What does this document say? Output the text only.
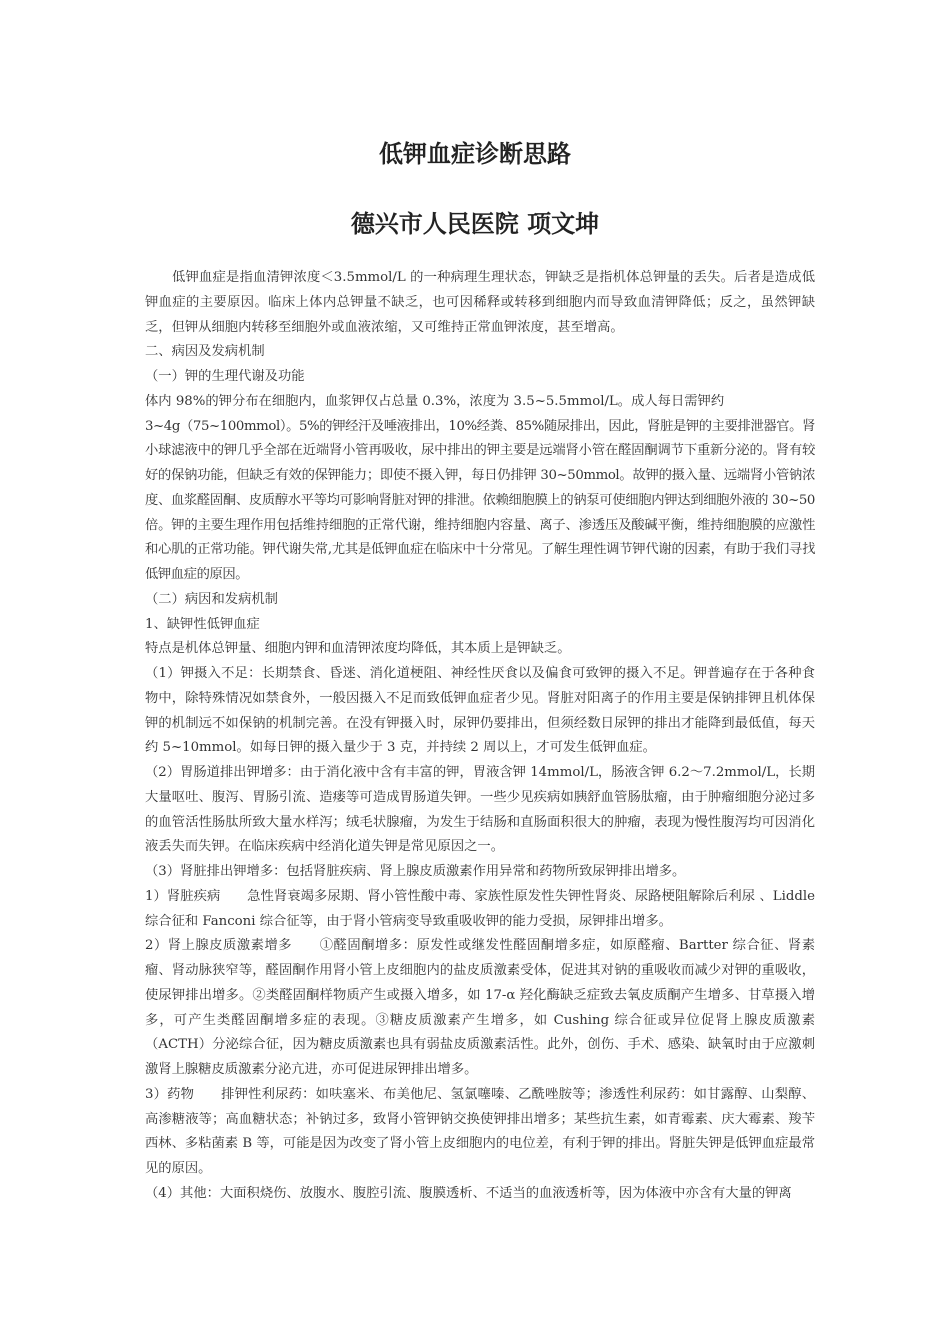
低钾血症诊断思路
德兴市人民医院 项文坤

低钾血症是指血清钾浓度＜3.5mmol/L 的一种病理生理状态，钾缺乏是指机体总钾量的丢失。后者是造成低钾血症的主要原因。临床上体内总钾量不缺乏，也可因稀释或转移到细胞内而导致血清钾降低；反之，虽然钾缺乏，但钾从细胞内转移至细胞外或血液浓缩，又可维持正常血钾浓度，甚至增高。

二、病因及发病机制

（一）钾的生理代谢及功能

体内 98%的钾分布在细胞内，血浆钾仅占总量 0.3%，浓度为 3.5~5.5mmol/L。成人每日需钾约

3~4g（75~100mmol）。5%的钾经汗及唾液排出，10%经粪、85%随尿排出，因此，肾脏是钾的主要排泄器官。肾小球滤液中的钾几乎全部在近端肾小管再吸收，尿中排出的钾主要是远端肾小管在醛固酮调节下重新分泌的。肾有较好的保钠功能，但缺乏有效的保钾能力；即使不摄入钾，每日仍排钾 30~50mmol。故钾的摄入量、远端肾小管钠浓度、血浆醛固酮、皮质醇水平等均可影响肾脏对钾的排泄。依赖细胞膜上的钠泵可使细胞内钾达到细胞外液的 30~50 倍。钾的主要生理作用包括维持细胞的正常代谢，维持细胞内容量、离子、渗透压及酸碱平衡，维持细胞膜的应激性和心肌的正常功能。钾代谢失常,尤其是低钾血症在临床中十分常见。了解生理性调节钾代谢的因素，有助于我们寻找低钾血症的原因。

（二）病因和发病机制

1、缺钾性低钾血症

特点是机体总钾量、细胞内钾和血清钾浓度均降低，其本质上是钾缺乏。

（1）钾摄入不足：长期禁食、昏迷、消化道梗阻、神经性厌食以及偏食可致钾的摄入不足。钾普遍存在于各种食物中，除特殊情况如禁食外，一般因摄入不足而致低钾血症者少见。肾脏对阳离子的作用主要是保钠排钾且机体保钾的机制远不如保钠的机制完善。在没有钾摄入时，尿钾仍要排出，但须经数日尿钾的排出才能降到最低值，每天约 5~10mmol。如每日钾的摄入量少于 3 克，并持续 2 周以上，才可发生低钾血症。

（2）胃肠道排出钾增多：由于消化液中含有丰富的钾，胃液含钾 14mmol/L，肠液含钾 6.2～7.2mmol/L，长期大量呕吐、腹泻、胃肠引流、造瘘等可造成胃肠道失钾。一些少见疾病如胰舒血管肠肽瘤，由于肿瘤细胞分泌过多的血管活性肠肽所致大量水样泻；绒毛状腺瘤，为发生于结肠和直肠面积很大的肿瘤，表现为慢性腹泻均可因消化液丢失而失钾。在临床疾病中经消化道失钾是常见原因之一。

（3）肾脏排出钾增多：包括肾脏疾病、肾上腺皮质激素作用异常和药物所致尿钾排出增多。

1）肾脏疾病　　急性肾衰竭多尿期、肾小管性酸中毒、家族性原发性失钾性肾炎、尿路梗阻解除后利尿 、Liddle 综合征和 Fanconi 综合征等，由于肾小管病变导致重吸收钾的能力受损，尿钾排出增多。

2）肾上腺皮质激素增多　　①醛固酮增多：原发性或继发性醛固酮增多症，如原醛瘤、Bartter 综合征、肾素瘤、肾动脉狭窄等，醛固酮作用肾小管上皮细胞内的盐皮质激素受体，促进其对钠的重吸收而减少对钾的重吸收，使尿钾排出增多。②类醛固酮样物质产生或摄入增多，如 17-α 羟化酶缺乏症致去氧皮质酮产生增多、甘草摄入增多，可产生类醛固酮增多症的表现。③糖皮质激素产生增多，如 Cushing 综合征或异位促肾上腺皮质激素（ACTH）分泌综合征，因为糖皮质激素也具有弱盐皮质激素活性。此外，创伤、手术、感染、缺氧时由于应激刺激肾上腺糖皮质激素分泌亢进，亦可促进尿钾排出增多。

3）药物　　排钾性利尿药：如呋塞米、布美他尼、氢氯噻嗪、乙酰唑胺等；渗透性利尿药：如甘露醇、山梨醇、高渗糖液等；高血糖状态；补钠过多，致肾小管钾钠交换使钾排出增多；某些抗生素，如青霉素、庆大霉素、羧苄西林、多粘菌素 B 等，可能是因为改变了肾小管上皮细胞内的电位差，有利于钾的排出。肾脏失钾是低钾血症最常见的原因。

（4）其他：大面积烧伤、放腹水、腹腔引流、腹膜透析、不适当的血液透析等，因为体液中亦含有大量的钾离
